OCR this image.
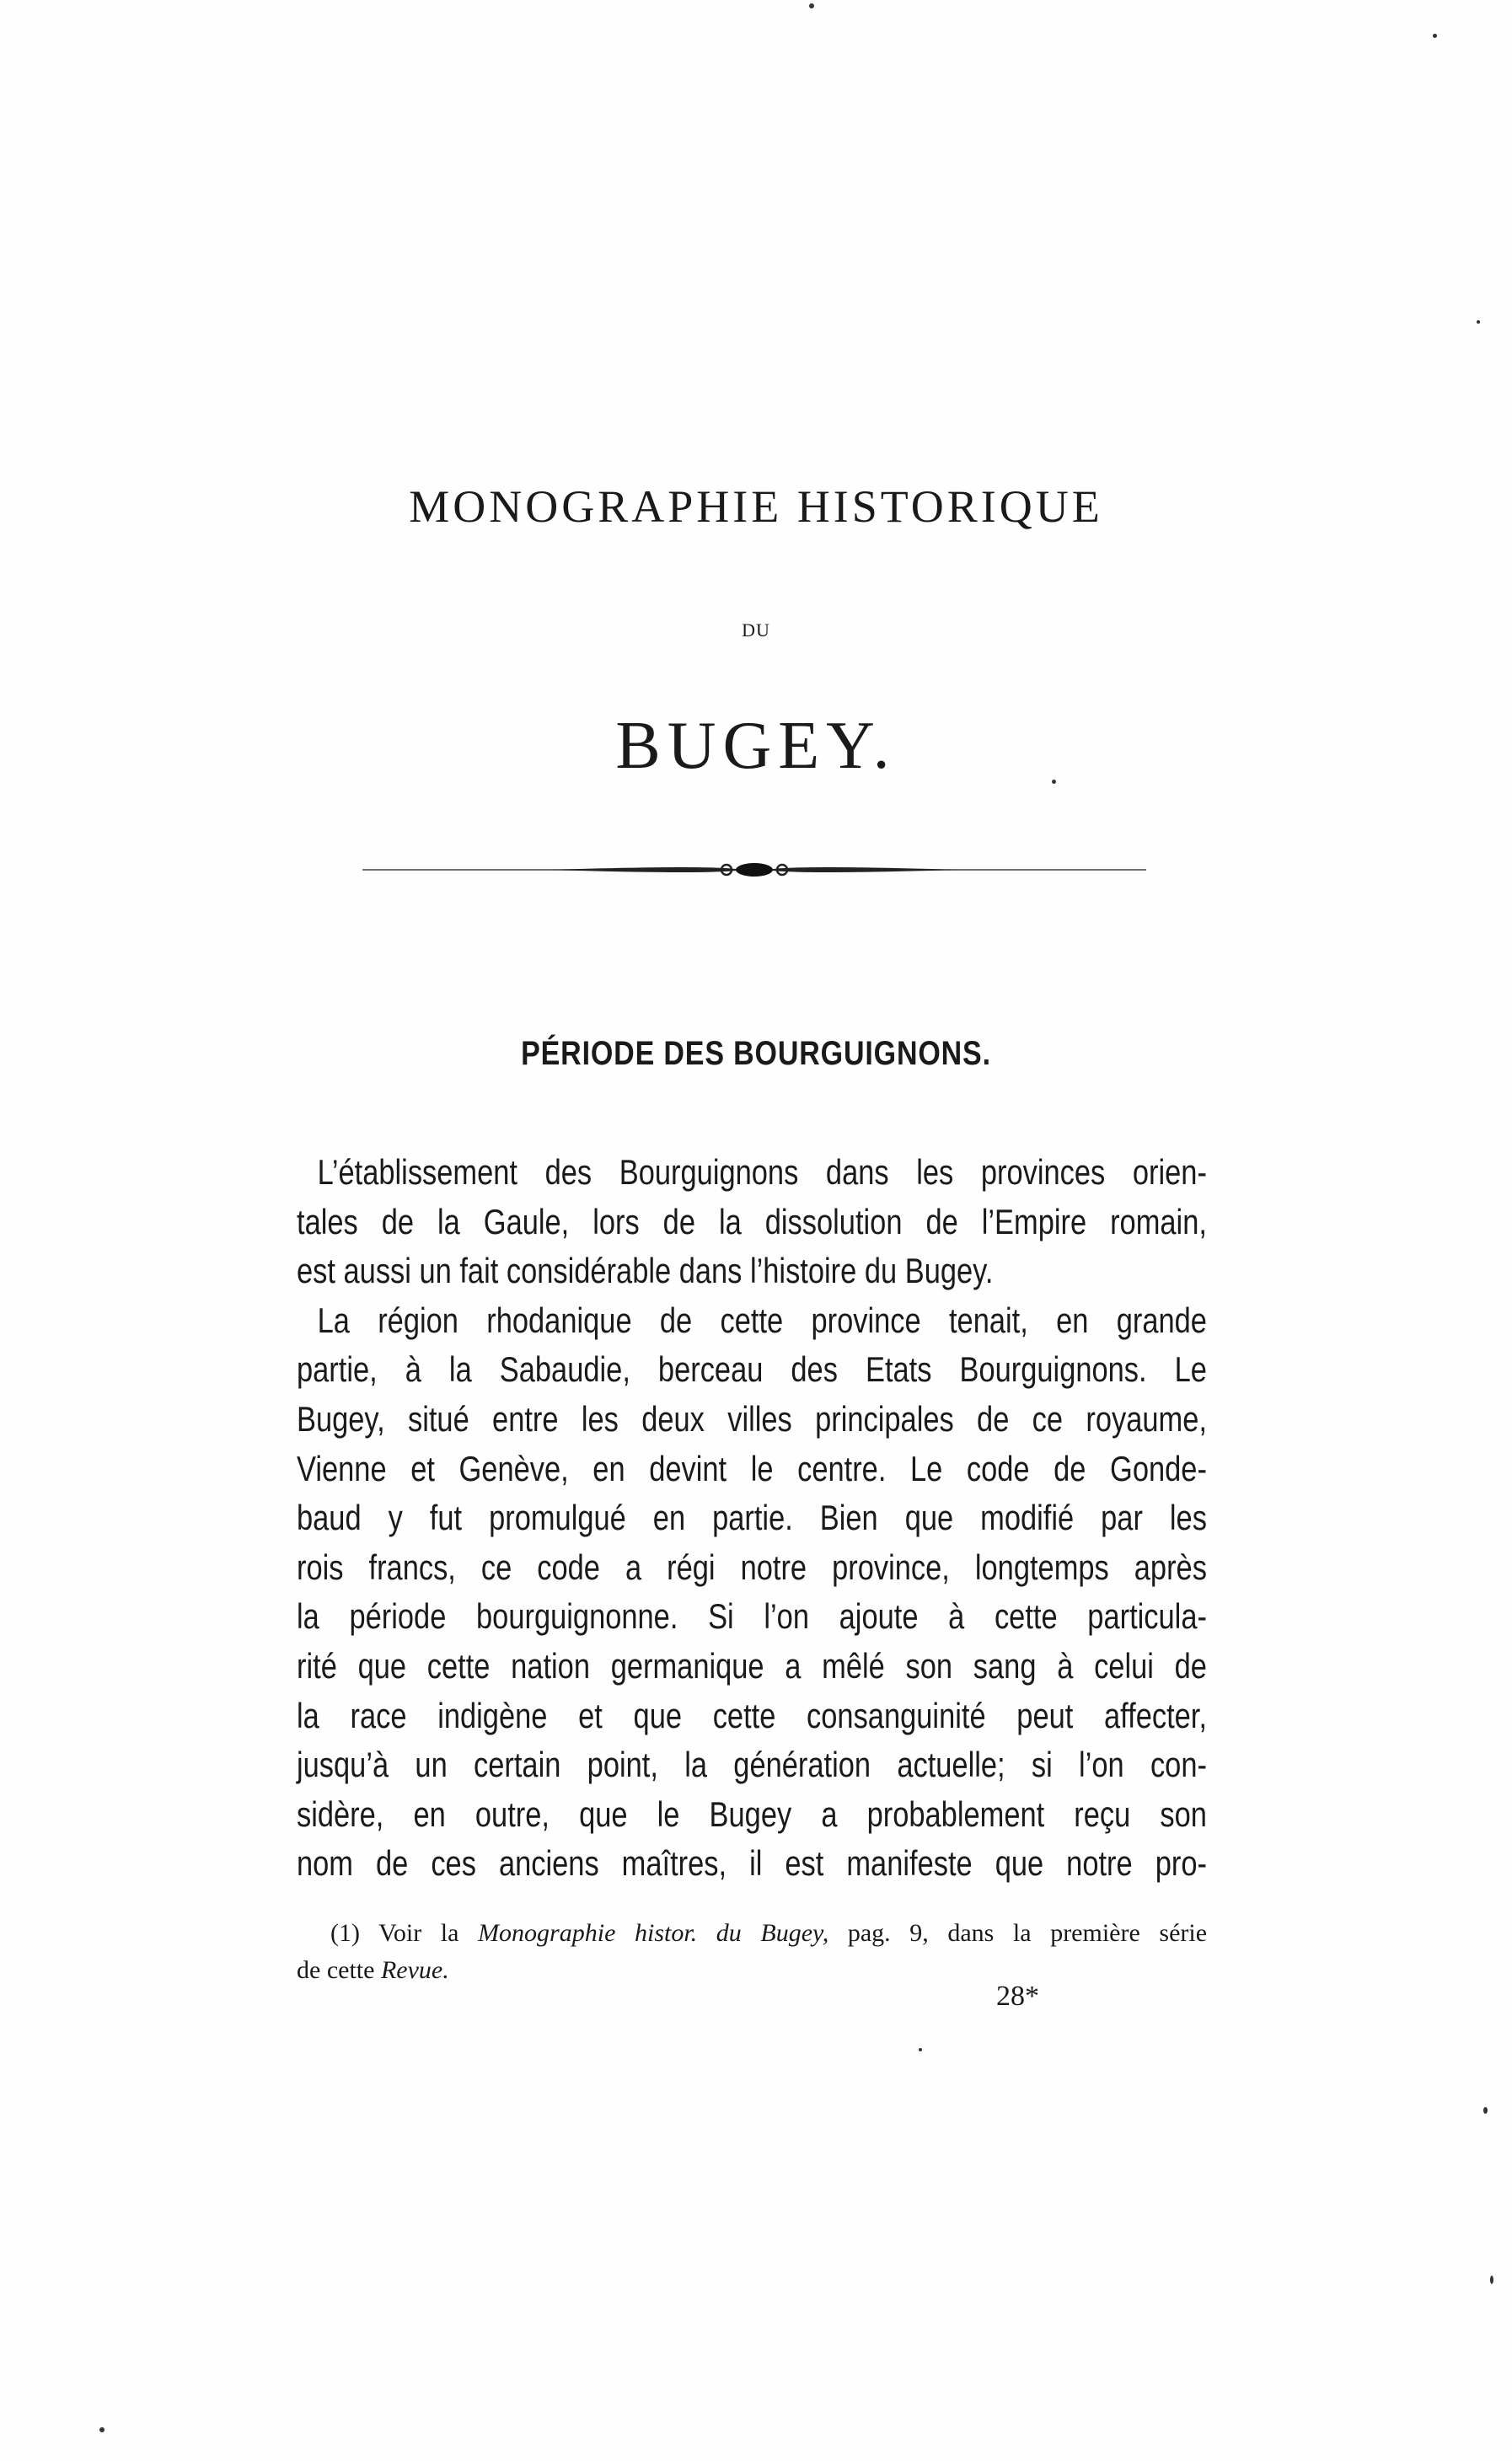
MONOGRAPHIE HISTORIQUE
DU
BUGEY.
PÉRIODE DES BOURGUIGNONS.
L’établissement des Bourguignons dans les provinces orien-
tales de la Gaule, lors de la dissolution de l’Empire romain,
est aussi un fait considérable dans l’histoire du Bugey.
La région rhodanique de cette province tenait, en grande
partie, à la Sabaudie, berceau des Etats Bourguignons. Le
Bugey, situé entre les deux villes principales de ce royaume,
Vienne et Genève, en devint le centre. Le code de Gonde-
baud y fut promulgué en partie. Bien que modifié par les
rois francs, ce code a régi notre province, longtemps après
la période bourguignonne. Si l’on ajoute à cette particula-
rité que cette nation germanique a mêlé son sang à celui de
la race indigène et que cette consanguinité peut affecter,
jusqu’à un certain point, la génération actuelle; si l’on con-
sidère, en outre, que le Bugey a probablement reçu son
nom de ces anciens maîtres, il est manifeste que notre pro-
(1) Voir la Monographie histor. du Bugey, pag. 9, dans la première série
de cette Revue.
28*
